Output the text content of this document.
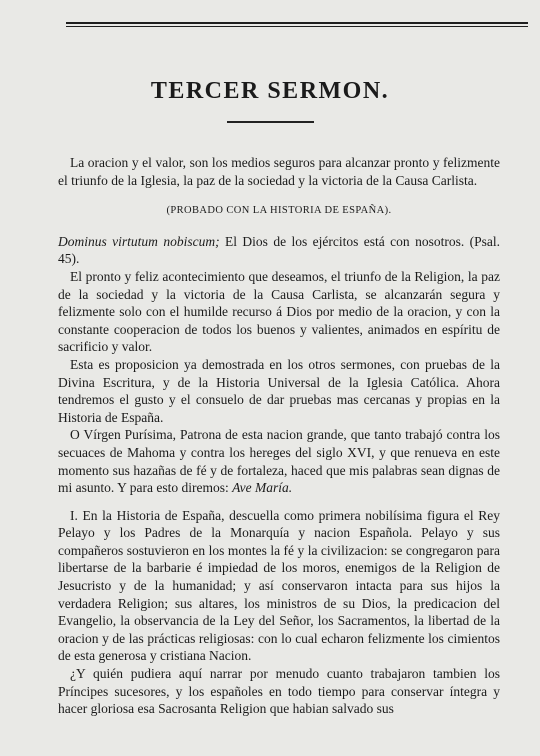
TERCER SERMON.

La oracion y el valor, son los medios seguros para alcanzar pronto y felizmente el triunfo de la Iglesia, la paz de la sociedad y la victoria de la Causa Carlista.

(PROBADO CON LA HISTORIA DE ESPAÑA).

Dominus virtutum nobiscum; El Dios de los ejércitos está con nosotros. (Psal. 45).

El pronto y feliz acontecimiento que deseamos, el triunfo de la Religion, la paz de la sociedad y la victoria de la Causa Carlista, se alcanzarán segura y felizmente solo con el humilde recurso á Dios por medio de la oracion, y con la constante cooperacion de todos los buenos y valientes, animados en espíritu de sacrificio y valor.

Esta es proposicion ya demostrada en los otros sermones, con pruebas de la Divina Escritura, y de la Historia Universal de la Iglesia Católica. Ahora tendremos el gusto y el consuelo de dar pruebas mas cercanas y propias en la Historia de España.

O Vírgen Purísima, Patrona de esta nacion grande, que tanto trabajó contra los secuaces de Mahoma y contra los hereges del siglo XVI, y que renueva en este momento sus hazañas de fé y de fortaleza, haced que mis palabras sean dignas de mi asunto. Y para esto diremos: Ave María.

I. En la Historia de España, descuella como primera nobilísima figura el Rey Pelayo y los Padres de la Monarquía y nacion Española. Pelayo y sus compañeros sostuvieron en los montes la fé y la civilizacion: se congregaron para libertarse de la barbarie é impiedad de los moros, enemigos de la Religion de Jesucristo y de la humanidad; y así conservaron intacta para sus hijos la verdadera Religion; sus altares, los ministros de su Dios, la predicacion del Evangelio, la observancia de la Ley del Señor, los Sacramentos, la libertad de la oracion y de las prácticas religiosas: con lo cual echaron felizmente los cimientos de esta generosa y cristiana Nacion.

¿Y quién pudiera aquí narrar por menudo cuanto trabajaron tambien los Príncipes sucesores, y los españoles en todo tiempo para conservar íntegra y hacer gloriosa esa Sacrosanta Religion que habian salvado sus
